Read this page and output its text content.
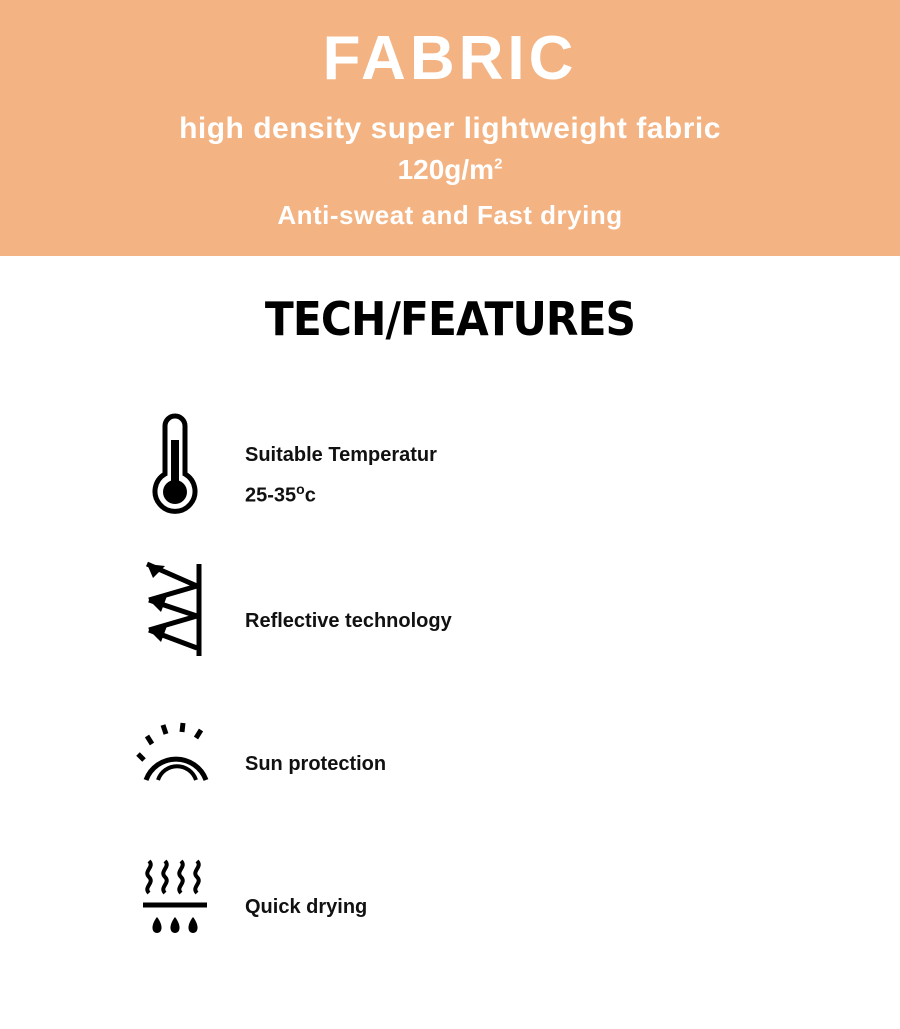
FABRIC
high density super lightweight fabric
$120g/m^2$
Anti-sweat and Fast drying
TECH/FEATURES
Suitable Temperatur
25-35$^o$c
Reflective technology
Sun protection
Quick drying
